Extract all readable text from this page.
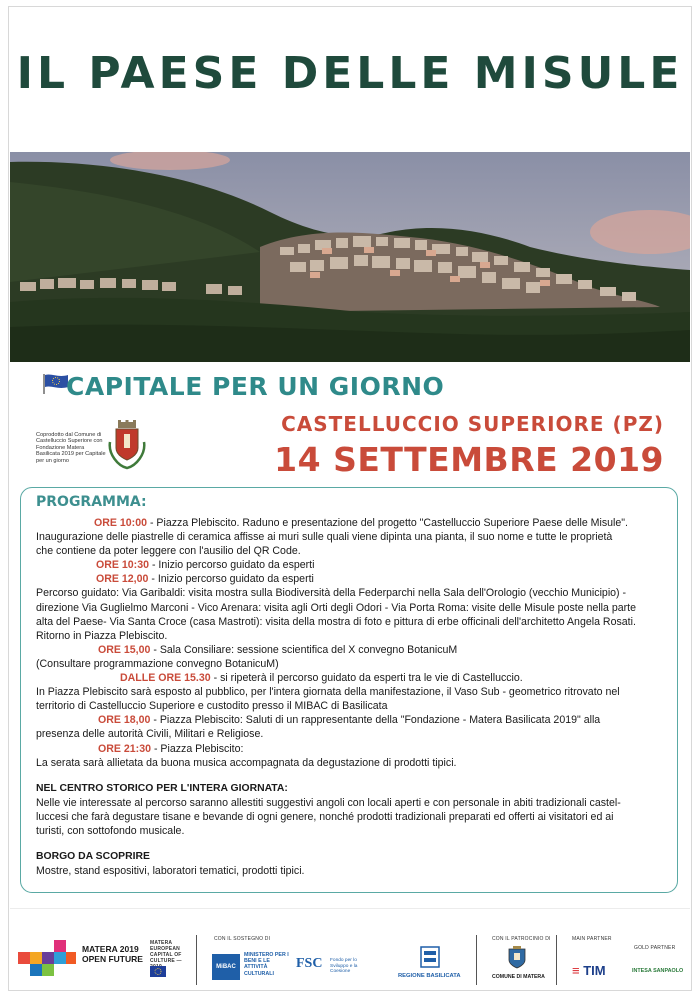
IL PAESE DELLE MISULE
CAPITALE PER UN GIORNO
Coprodotto dal Comune di Castelluccio Superiore con Fondazione Matera Basilicata 2019 per Capitale per un giorno
CASTELLUCCIO SUPERIORE (PZ)
14 SETTEMBRE 2019
PROGRAMMA:

ORE 10:00 - Piazza Plebiscito. Raduno e presentazione del progetto "Castelluccio Superiore Paese delle Misule".

Inaugurazione delle piastrelle di ceramica affisse ai muri sulle quali viene dipinta una pianta, il suo nome e tutte le proprietà

che contiene da poter leggere con l'ausilio del QR Code.

ORE 10:30 - Inizio percorso guidato da esperti

ORE 12,00 - Inizio percorso guidato da esperti

Percorso guidato: Via Garibaldi: visita mostra sulla Biodiversità della Federparchi nella Sala dell'Orologio (vecchio Municipio) -

direzione Via Guglielmo Marconi - Vico Arenara: visita agli Orti degli Odori - Via Porta Roma: visite delle Misule poste nella parte

alta del Paese- Via Santa Croce (casa Mastroti): visita della mostra di foto e pittura di erbe officinali dell'architetto Angela Rosati.

Ritorno in Piazza Plebiscito.

ORE 15,00 - Sala Consiliare: sessione scientifica del X convegno BotanicuM

(Consultare programmazione convegno BotanicuM)

DALLE ORE 15.30 - si ripeterà il percorso guidato da esperti tra le vie di Castelluccio.

In Piazza Plebiscito sarà esposto al pubblico, per l'intera giornata della manifestazione, il Vaso Sub - geometrico ritrovato nel

territorio di Castelluccio Superiore e custodito presso il MIBAC di Basilicata

ORE 18,00 - Piazza Plebiscito: Saluti di un rappresentante della "Fondazione - Matera Basilicata 2019" alla

presenza delle autorità Civili, Militari e Religiose.

ORE 21:30 - Piazza Plebiscito:

La serata sarà allietata da buona musica accompagnata da degustazione di prodotti tipici.

NEL CENTRO STORICO PER L'INTERA GIORNATA:

Nelle vie interessate al percorso saranno allestiti suggestivi angoli con locali aperti e con personale in abiti tradizionali castel-

luccesi che farà degustare tisane e bevande di ogni genere, nonché prodotti tradizionali preparati ed offerti ai visitatori ed ai

turisti, con sottofondo musicale.

BORGO DA SCOPRIRE

Mostre, stand espositivi, laboratori tematici, prodotti tipici.

MATERA 2019
OPEN FUTURE
MATERA EUROPEAN CAPITAL OF CULTURE —
CON IL SOSTEGNO DI
MiBAC
MINISTERO PER I BENI E LE ATTIVITÀ CULTURALI
FSC Fondo per lo Sviluppo e la Coesione
REGIONE BASILICATA
CON IL PATROCINIO DI
COMUNE DI MATERA
MAIN PARTNER
GOLD PARTNER
≡ TIM	INTESA SANPAOLO
